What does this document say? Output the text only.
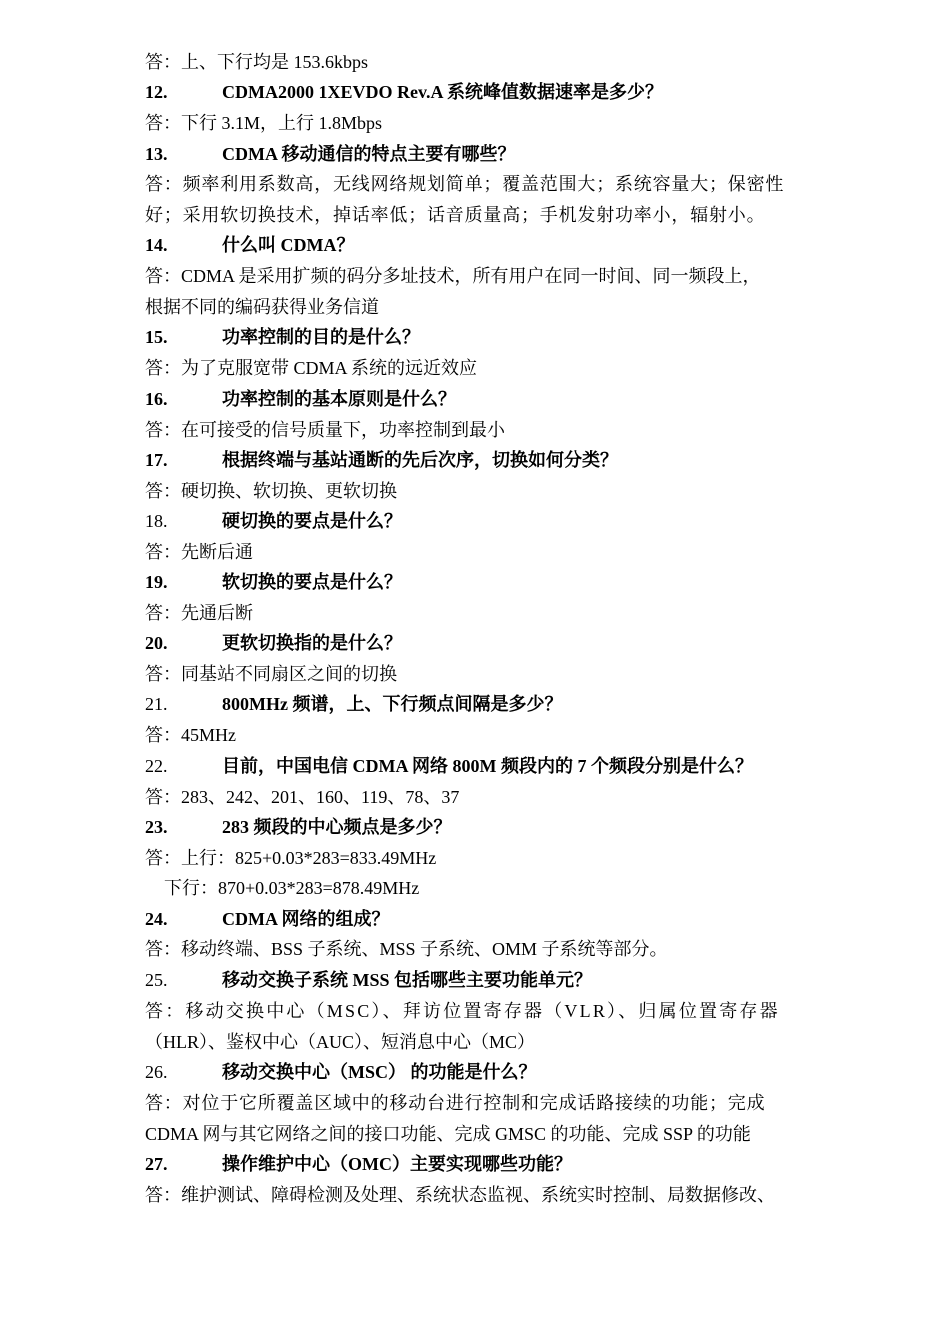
答：上、下行均是 153.6kbps
12.	CDMA2000 1XEVDO Rev.A 系统峰值数据速率是多少？
答：下行 3.1M，上行 1.8Mbps
13.	CDMA 移动通信的特点主要有哪些？
答：频率利用系数高，无线网络规划简单；覆盖范围大；系统容量大；保密性
好；采用软切换技术，掉话率低；话音质量高；手机发射功率小，辐射小。
14.	什么叫 CDMA？
答：CDMA 是采用扩频的码分多址技术，所有用户在同一时间、同一频段上，
根据不同的编码获得业务信道
15.	功率控制的目的是什么？
答：为了克服宽带 CDMA 系统的远近效应
16.	功率控制的基本原则是什么？
答：在可接受的信号质量下，功率控制到最小
17.	根据终端与基站通断的先后次序，切换如何分类？
答：硬切换、软切换、更软切换
18.	硬切换的要点是什么？
答：先断后通
19.	软切换的要点是什么？
答：先通后断
20.	更软切换指的是什么？
答：同基站不同扇区之间的切换
21.	800MHz 频谱，上、下行频点间隔是多少？
答：45MHz
22.	目前，中国电信 CDMA 网络 800M 频段内的 7 个频段分别是什么？
答：283、242、201、160、119、78、37
23.	283 频段的中心频点是多少？
答：上行：825+0.03*283=833.49MHz
下行：870+0.03*283=878.49MHz
24.	CDMA 网络的组成？
答：移动终端、BSS 子系统、MSS 子系统、OMM 子系统等部分。
25.	移动交换子系统 MSS 包括哪些主要功能单元？
答：移动交换中心（MSC）、拜访位置寄存器（VLR）、归属位置寄存器
（HLR）、鉴权中心（AUC）、短消息中心（MC）
26.	移动交换中心（MSC） 的功能是什么？
答：对位于它所覆盖区域中的移动台进行控制和完成话路接续的功能；完成
CDMA 网与其它网络之间的接口功能、完成 GMSC 的功能、完成 SSP 的功能
27.	操作维护中心（OMC）主要实现哪些功能？
答：维护测试、障碍检测及处理、系统状态监视、系统实时控制、局数据修改、
